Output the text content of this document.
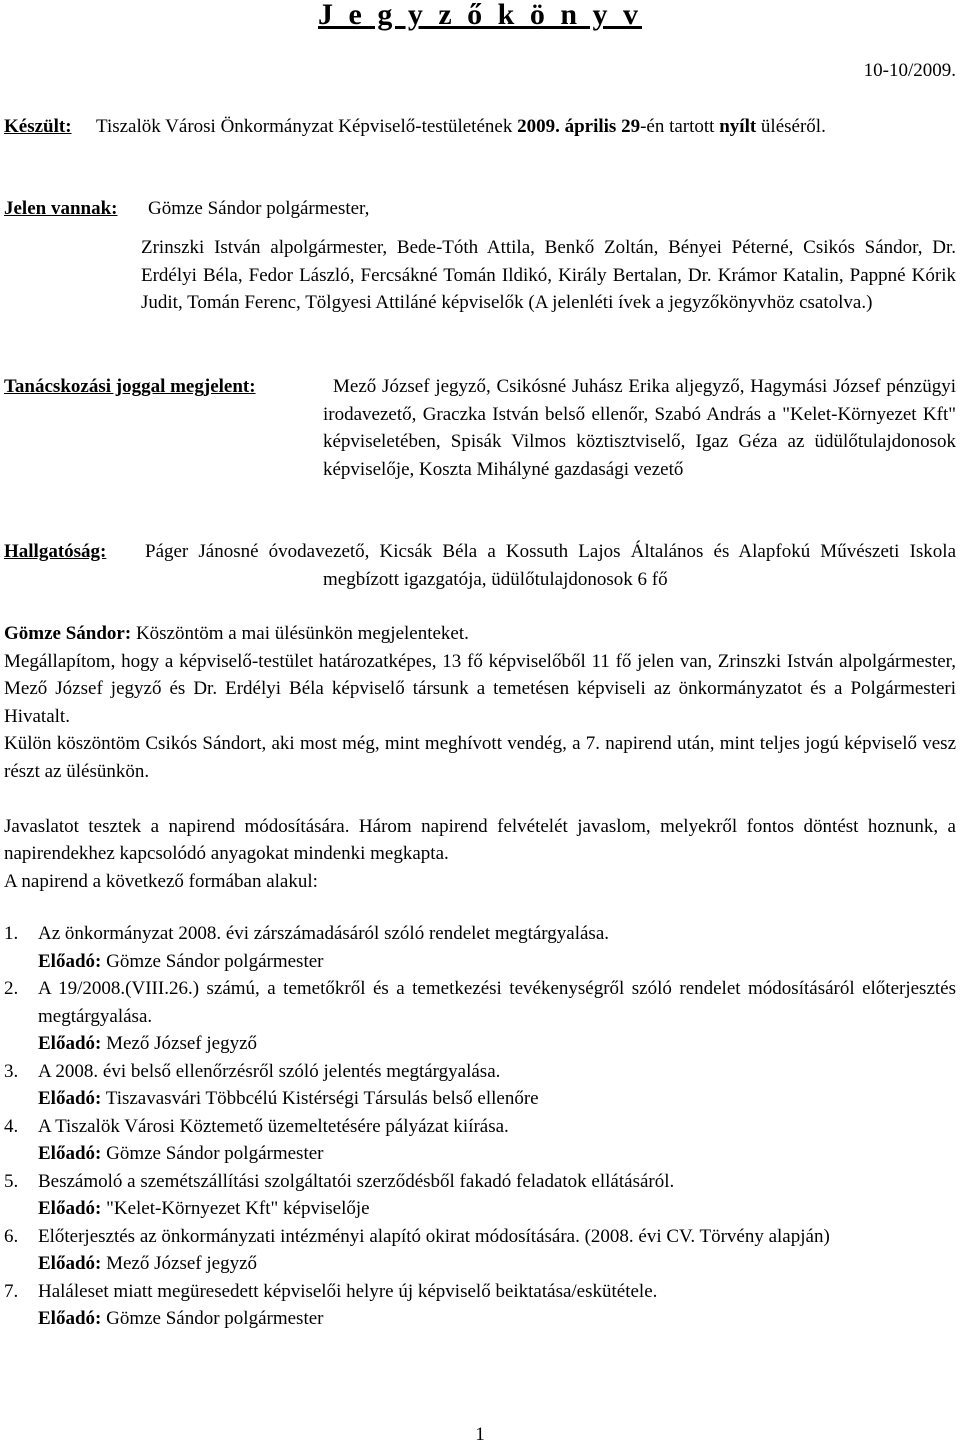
J e g y z ő k ö n y v
10-10/2009.
Készült: Tiszalök Városi Önkormányzat Képviselő-testületének 2009. április 29-én tartott nyílt üléséről.
Jelen vannak: Gömze Sándor polgármester,
Zrinszki István alpolgármester, Bede-Tóth Attila, Benkő Zoltán, Bényei Péterné, Csikós Sándor, Dr. Erdélyi Béla, Fedor László, Fercsákné Tomán Ildikó, Király Bertalan, Dr. Krámor Katalin, Pappné Kórik Judit, Tomán Ferenc, Tölgyesi Attiláné képviselők (A jelenléti ívek a jegyzőkönyvhöz csatolva.)
Tanácskozási joggal megjelent:	Mező József jegyző, Csikósné Juhász Erika aljegyző, Hagymási József pénzügyi irodavezető, Graczka István belső ellenőr, Szabó András a "Kelet-Környezet Kft" képviseletében, Spisák Vilmos köztisztviselő, Igaz Géza az üdülőtulajdonosok képviselője, Koszta Mihályné gazdasági vezető
Hallgatóság: Páger Jánosné óvodavezető, Kicsák Béla a Kossuth Lajos Általános és Alapfokú Művészeti Iskola megbízott igazgatója, üdülőtulajdonosok 6 fő
Gömze Sándor: Köszöntöm a mai ülésünkön megjelenteket.
Megállapítom, hogy a képviselő-testület határozatképes, 13 fő képviselőből 11 fő jelen van, Zrinszki István alpolgármester, Mező József jegyző és Dr. Erdélyi Béla képviselő társunk a temetésen képviseli az önkormányzatot és a Polgármesteri Hivatalt.
Külön köszöntöm Csikós Sándort, aki most még, mint meghívott vendég, a 7. napirend után, mint teljes jogú képviselő vesz részt az ülésünkön.
Javaslatot tesztek a napirend módosítására. Három napirend felvételét javaslom, melyekről fontos döntést hoznunk, a napirendekhez kapcsolódó anyagokat mindenki megkapta.
A napirend a következő formában alakul:
1. Az önkormányzat 2008. évi zárszámadásáról szóló rendelet megtárgyalása.
Előadó: Gömze Sándor polgármester
2. A 19/2008.(VIII.26.) számú, a temetőkről és a temetkezési tevékenységről szóló rendelet módosításáról előterjesztés megtárgyalása.
Előadó: Mező József jegyző
3. A 2008. évi belső ellenőrzésről szóló jelentés megtárgyalása.
Előadó: Tiszavasvári Többcélú Kistérségi Társulás belső ellenőre
4. A Tiszalök Városi Köztemető üzemeltetésére pályázat kiírása.
Előadó: Gömze Sándor polgármester
5. Beszámoló a szemétszállítási szolgáltatói szerződésből fakadó feladatok ellátásáról.
Előadó: "Kelet-Környezet Kft" képviselője
6. Előterjesztés az önkormányzati intézményi alapító okirat módosítására. (2008. évi CV. Törvény alapján)
Előadó: Mező József jegyző
7. Haláleset miatt megüresedett képviselői helyre új képviselő beiktatása/eskütétele.
Előadó: Gömze Sándor polgármester
1
